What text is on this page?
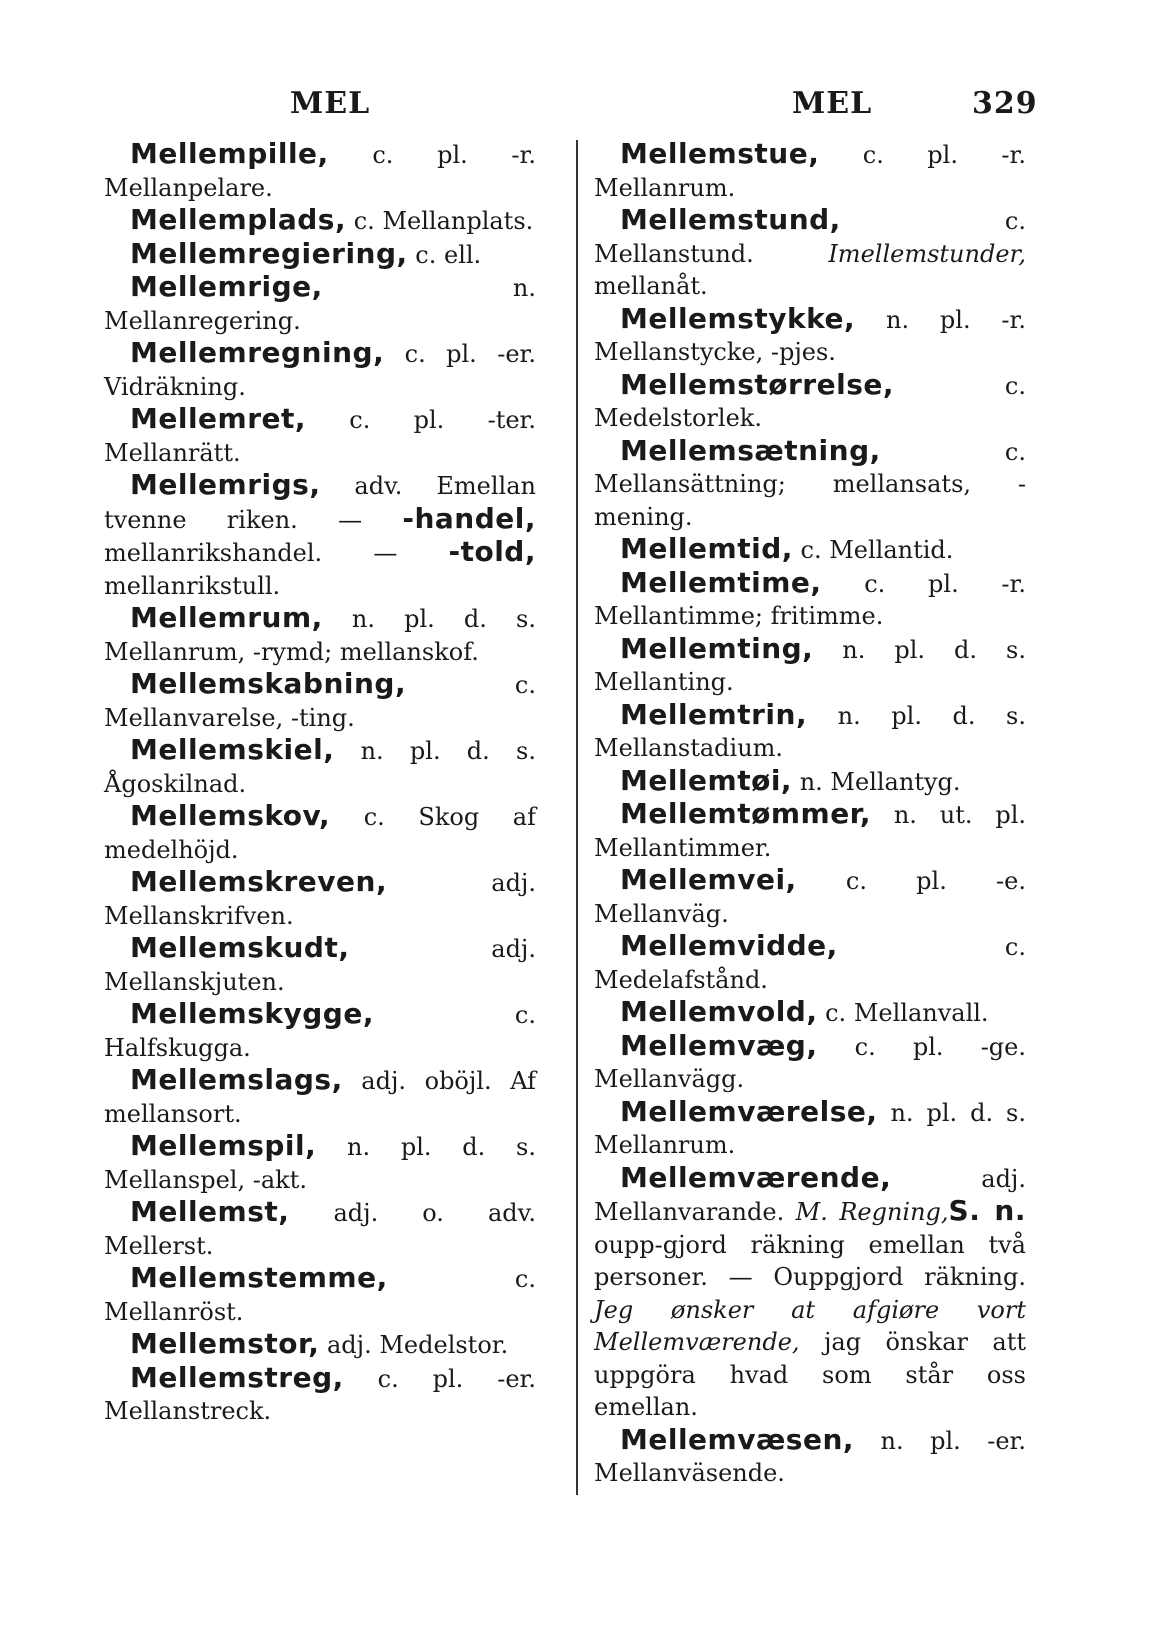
MEL	MEL	329

Mellempille, c. pl. -r. Mellanpelare.

Mellemplads, c. Mellanplats.

Mellemregiering, c. ell.

Mellemrige, n. Mellanregering.

Mellemregning, c. pl. -er. Vidräkning.

Mellemret, c. pl. -ter. Mellanrätt.

Mellemrigs, adv. Emellan tvenne riken. — -handel, mellanrikshandel. — -told, mellanrikstull.

Mellemrum, n. pl. d. s. Mellanrum, -rymd; mellanskof.

Mellemskabning, c. Mellanvarelse, -ting.

Mellemskiel, n. pl. d. s. Ågoskilnad.

Mellemskov, c. Skog af medelhöjd.

Mellemskreven, adj. Mellanskrifven.

Mellemskudt, adj. Mellanskjuten.

Mellemskygge, c. Halfskugga.

Mellemslags, adj. oböjl. Af mellansort.

Mellemspil, n. pl. d. s. Mellanspel, -akt.

Mellemst, adj. o. adv. Mellerst.

Mellemstemme, c. Mellanröst.

Mellemstor, adj. Medelstor.

Mellemstreg, c. pl. -er. Mellanstreck.

Mellemstue, c. pl. -r. Mellanrum.

Mellemstund, c. Mellanstund. Imellemstunder, mellanåt.

Mellemstykke, n. pl. -r. Mellanstycke, -pjes.

Mellemstørrelse, c. Medelstorlek.

Mellemsætning, c. Mellansättning; mellansats, -mening.

Mellemtid, c. Mellantid.

Mellemtime, c. pl. -r. Mellantimme; fritimme.

Mellemting, n. pl. d. s. Mellanting.

Mellemtrin, n. pl. d. s. Mellanstadium.

Mellemtøi, n. Mellantyg.

Mellemtømmer, n. ut. pl. Mellantimmer.

Mellemvei, c. pl. -e. Mellanväg.

Mellemvidde, c. Medelafstånd.

Mellemvold, c. Mellanvall.

Mellemvæg, c. pl. -ge. Mellanvägg.

Mellemværelse, n. pl. d. s. Mellanrum.

Mellemværende, adj. Mellanvarande. M. Regning,S. n. oupp-gjord räkning emellan två personer. — Ouppgjord räkning. Jeg ønsker at afgiøre vort Mellemværende, jag önskar att uppgöra hvad som står oss emellan.

Mellemvæsen, n. pl. -er. Mellanväsende.
